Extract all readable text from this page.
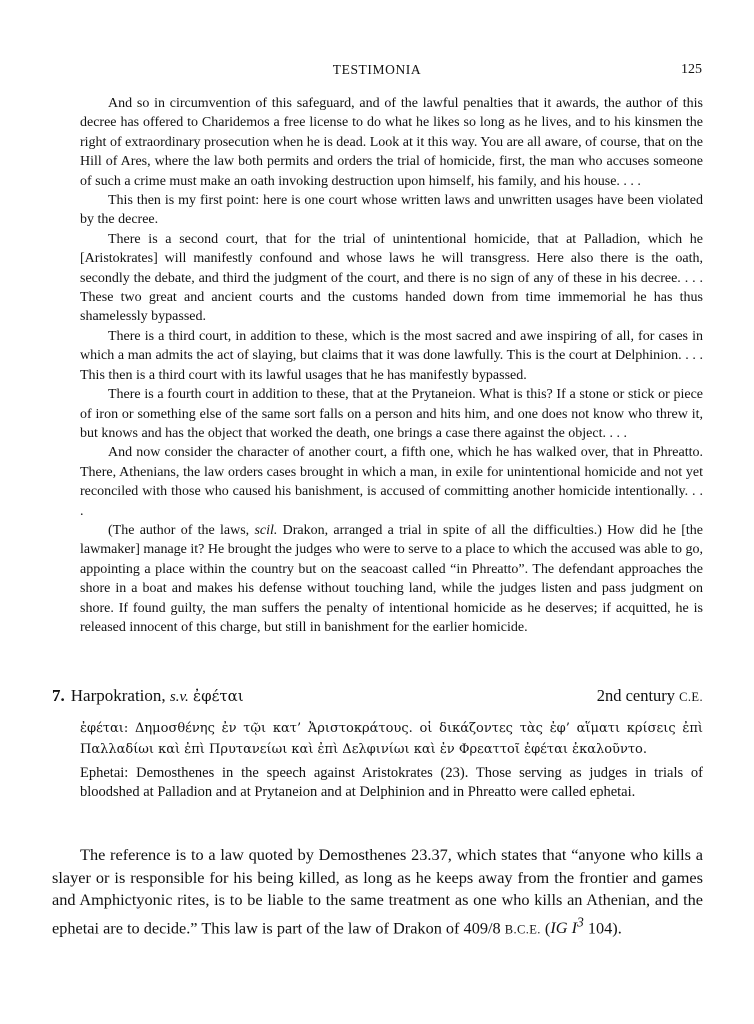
TESTIMONIA	125

And so in circumvention of this safeguard, and of the lawful penalties that it awards, the author of this decree has offered to Charidemos a free license to do what he likes so long as he lives, and to his kinsmen the right of extraordinary prosecution when he is dead. Look at it this way. You are all aware, of course, that on the Hill of Ares, where the law both permits and orders the trial of homicide, first, the man who accuses someone of such a crime must make an oath invoking destruction upon himself, his family, and his house. . . .

This then is my first point: here is one court whose written laws and unwritten usages have been violated by the decree.

There is a second court, that for the trial of unintentional homicide, that at Palladion, which he [Aristokrates] will manifestly confound and whose laws he will transgress. Here also there is the oath, secondly the debate, and third the judgment of the court, and there is no sign of any of these in his decree. . . . These two great and ancient courts and the customs handed down from time immemorial he has thus shamelessly bypassed.

There is a third court, in addition to these, which is the most sacred and awe inspiring of all, for cases in which a man admits the act of slaying, but claims that it was done lawfully. This is the court at Delphinion. . . . This then is a third court with its lawful usages that he has manifestly bypassed.

There is a fourth court in addition to these, that at the Prytaneion. What is this? If a stone or stick or piece of iron or something else of the same sort falls on a person and hits him, and one does not know who threw it, but knows and has the object that worked the death, one brings a case there against the object. . . .

And now consider the character of another court, a fifth one, which he has walked over, that in Phreatto. There, Athenians, the law orders cases brought in which a man, in exile for unintentional homicide and not yet reconciled with those who caused his banishment, is accused of committing another homicide intentionally. . . .

(The author of the laws, scil. Drakon, arranged a trial in spite of all the difficulties.) How did he [the lawmaker] manage it? He brought the judges who were to serve to a place to which the accused was able to go, appointing a place within the country but on the seacoast called “in Phreatto”. The defendant approaches the shore in a boat and makes his defense without touching land, while the judges listen and pass judgment on shore. If found guilty, the man suffers the penalty of intentional homicide as he deserves; if acquitted, he is released innocent of this charge, but still in banishment for the earlier homicide.

7. Harpokration, s.v. ἐφέται	2nd century C.E.
ἐφέται: Δημοσθένης ἐν τῷι κατ’ Ἀριστοκράτους. οἱ δικάζοντες τὰς ἐφ’ αἵματι κρίσεις ἐπὶ Παλλαδίωι καὶ ἐπὶ Πρυτανείωι καὶ ἐπὶ Δελφινίωι καὶ ἐν Φρεαττοῖ ἐφέται ἐκαλοῦντο.
Ephetai: Demosthenes in the speech against Aristokrates (23). Those serving as judges in trials of bloodshed at Palladion and at Prytaneion and at Delphinion and in Phreatto were called ephetai.

The reference is to a law quoted by Demosthenes 23.37, which states that “anyone who kills a slayer or is responsible for his being killed, as long as he keeps away from the frontier and games and Amphictyonic rites, is to be liable to the same treatment as one who kills an Athenian, and the ephetai are to decide.” This law is part of the law of Drakon of 409/8 B.C.E. (IG $I^3$ 104).
